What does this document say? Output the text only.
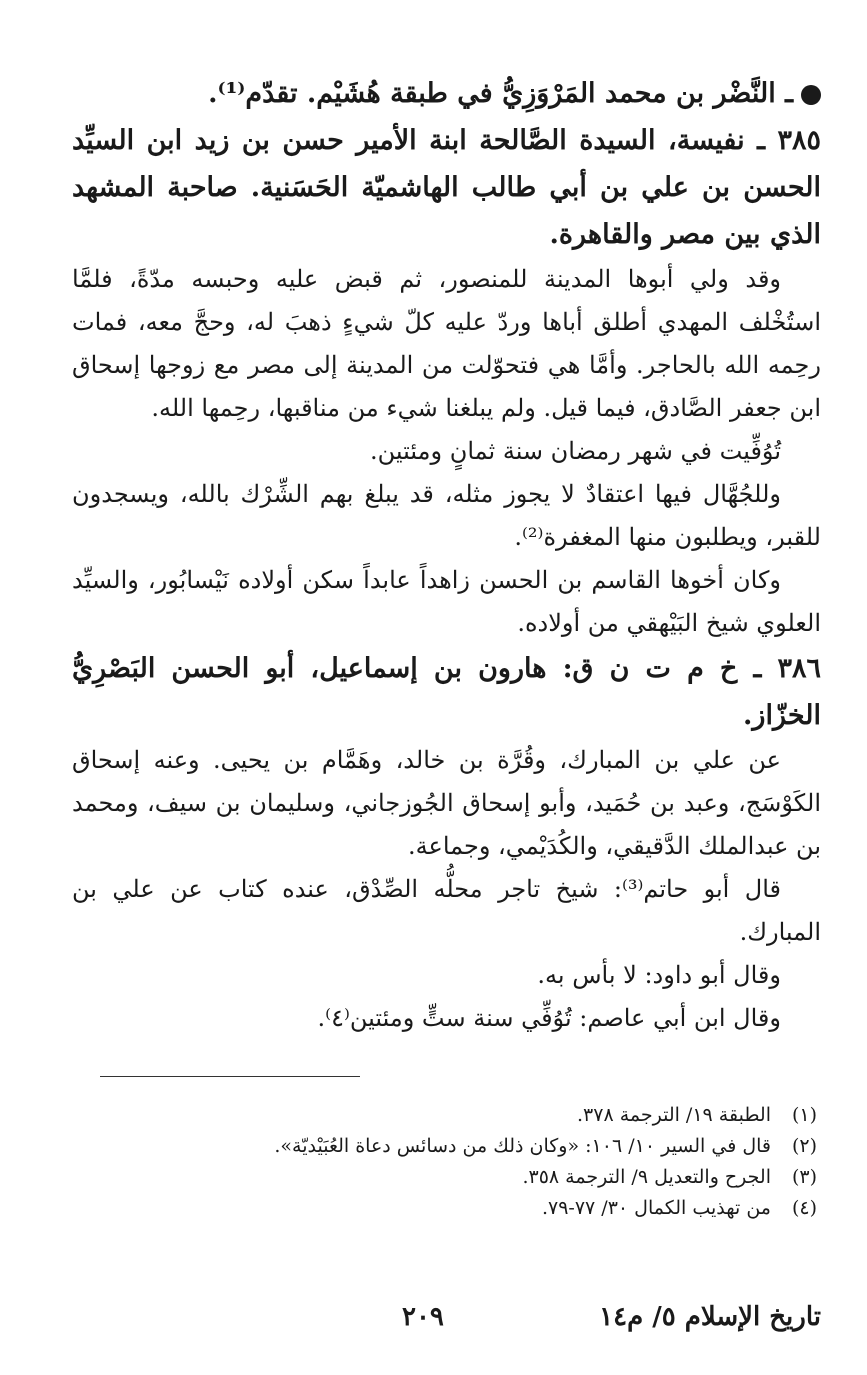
ـ النَّضْر بن محمد المَرْوَزِيُّ في طبقة هُشَيْم. تقدّم⁽¹⁾.

٣٨٥ ـ نفيسة، السيدة الصَّالحة ابنة الأمير حسن بن زيد ابن السيِّد الحسن بن علي بن أبي طالب الهاشميّة الحَسَنية. صاحبة المشهد الذي بين مصر والقاهرة.

وقد ولي أبوها المدينة للمنصور، ثم قبض عليه وحبسه مدّةً، فلمَّا استُخْلف المهدي أطلق أباها وردّ عليه كلّ شيءٍ ذهبَ له، وحجَّ معه، فمات رحِمه الله بالحاجر. وأمَّا هي فتحوّلت من المدينة إلى مصر مع زوجها إسحاق ابن جعفر الصَّادق، فيما قيل. ولم يبلغنا شيء من مناقبها، رحِمها الله.

تُوُفِّيت في شهر رمضان سنة ثمانٍ ومئتين.

وللجُهَّال فيها اعتقادٌ لا يجوز مثله، قد يبلغ بهم الشِّرْك بالله، ويسجدون للقبر، ويطلبون منها المغفرة⁽²⁾.

وكان أخوها القاسم بن الحسن زاهداً عابداً سكن أولاده نَيْسابُور، والسيِّد العلوي شيخ البَيْهقي من أولاده.

٣٨٦ ـ خ م ت ن ق: هارون بن إسماعيل، أبو الحسن البَصْرِيُّ الخزّاز.

عن علي بن المبارك، وقُرَّة بن خالد، وهَمَّام بن يحيى. وعنه إسحاق الكَوْسَج، وعبد بن حُمَيد، وأبو إسحاق الجُوزجاني، وسليمان بن سيف، ومحمد بن عبدالملك الدَّقيقي، والكُدَيْمي، وجماعة.

قال أبو حاتم⁽³⁾: شيخ تاجر محلُّه الصِّدْق، عنده كتاب عن علي بن المبارك.

وقال أبو داود: لا بأس به.

وقال ابن أبي عاصم: تُوُفِّي سنة ستٍّ ومئتين⁽٤⁾.

(١)
الطبقة ١٩/ الترجمة ٣٧٨.
(٢)
قال في السير ١٠/ ١٠٦: «وكان ذلك من دسائس دعاة العُبَيْديّة».
(٣)
الجرح والتعديل ٩/ الترجمة ٣٥٨.
(٤)
من تهذيب الكمال ٣٠/ ٧٧-٧٩.
تاريخ الإسلام ٥/ م١٤
٢٠٩
